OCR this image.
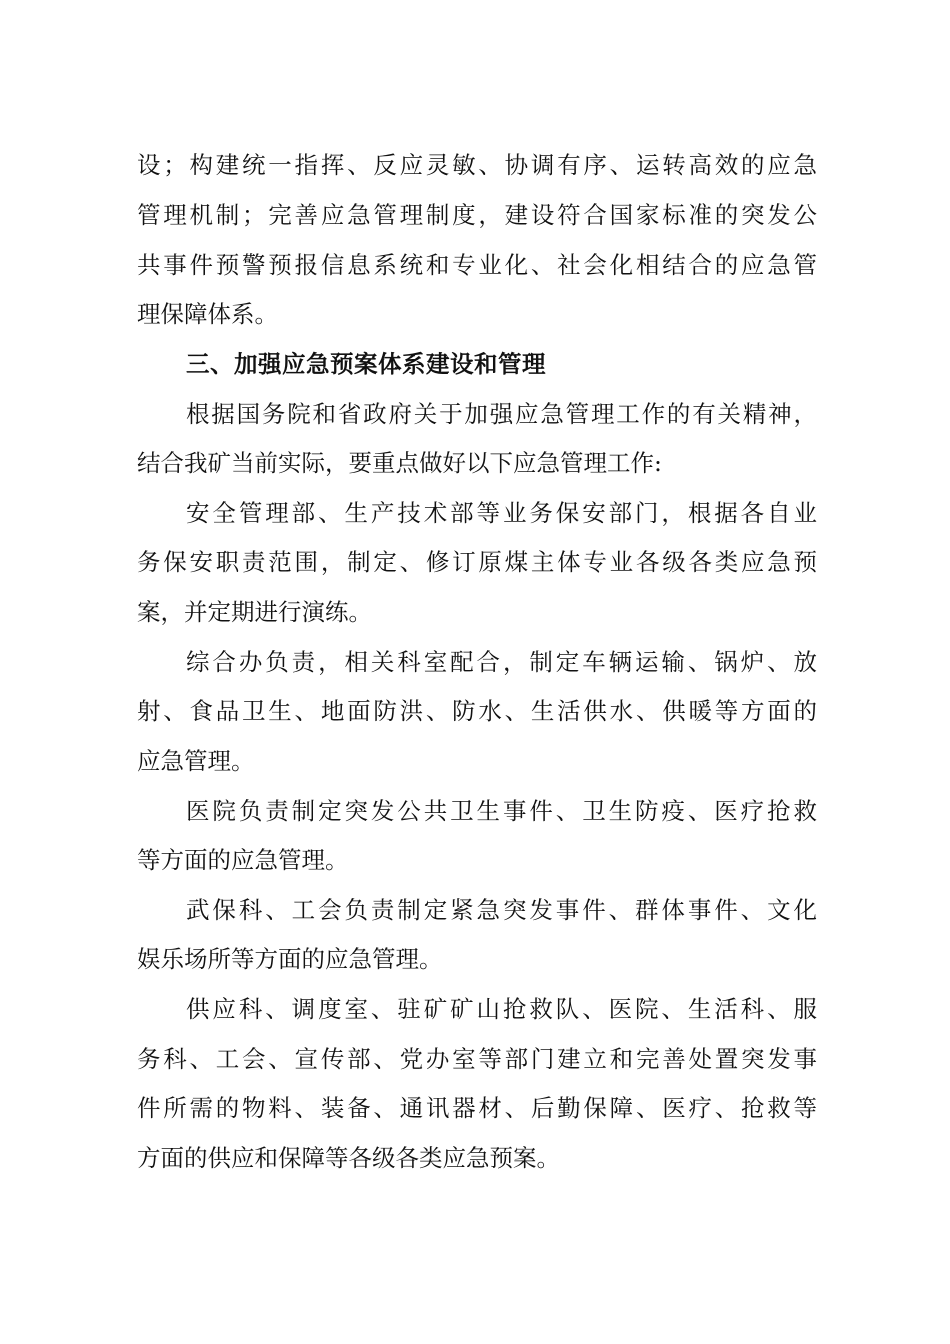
设；构建统一指挥、反应灵敏、协调有序、运转高效的应急
管理机制；完善应急管理制度，建设符合国家标准的突发公
共事件预警预报信息系统和专业化、社会化相结合的应急管
理保障体系。
三、加强应急预案体系建设和管理
根据国务院和省政府关于加强应急管理工作的有关精神，
结合我矿当前实际，要重点做好以下应急管理工作:
安全管理部、生产技术部等业务保安部门，根据各自业
务保安职责范围，制定、修订原煤主体专业各级各类应急预
案，并定期进行演练。
综合办负责，相关科室配合，制定车辆运输、锅炉、放
射、食品卫生、地面防洪、防水、生活供水、供暖等方面的
应急管理。
医院负责制定突发公共卫生事件、卫生防疫、医疗抢救
等方面的应急管理。
武保科、工会负责制定紧急突发事件、群体事件、文化
娱乐场所等方面的应急管理。
供应科、调度室、驻矿矿山抢救队、医院、生活科、服
务科、工会、宣传部、党办室等部门建立和完善处置突发事
件所需的物料、装备、通讯器材、后勤保障、医疗、抢救等
方面的供应和保障等各级各类应急预案。
